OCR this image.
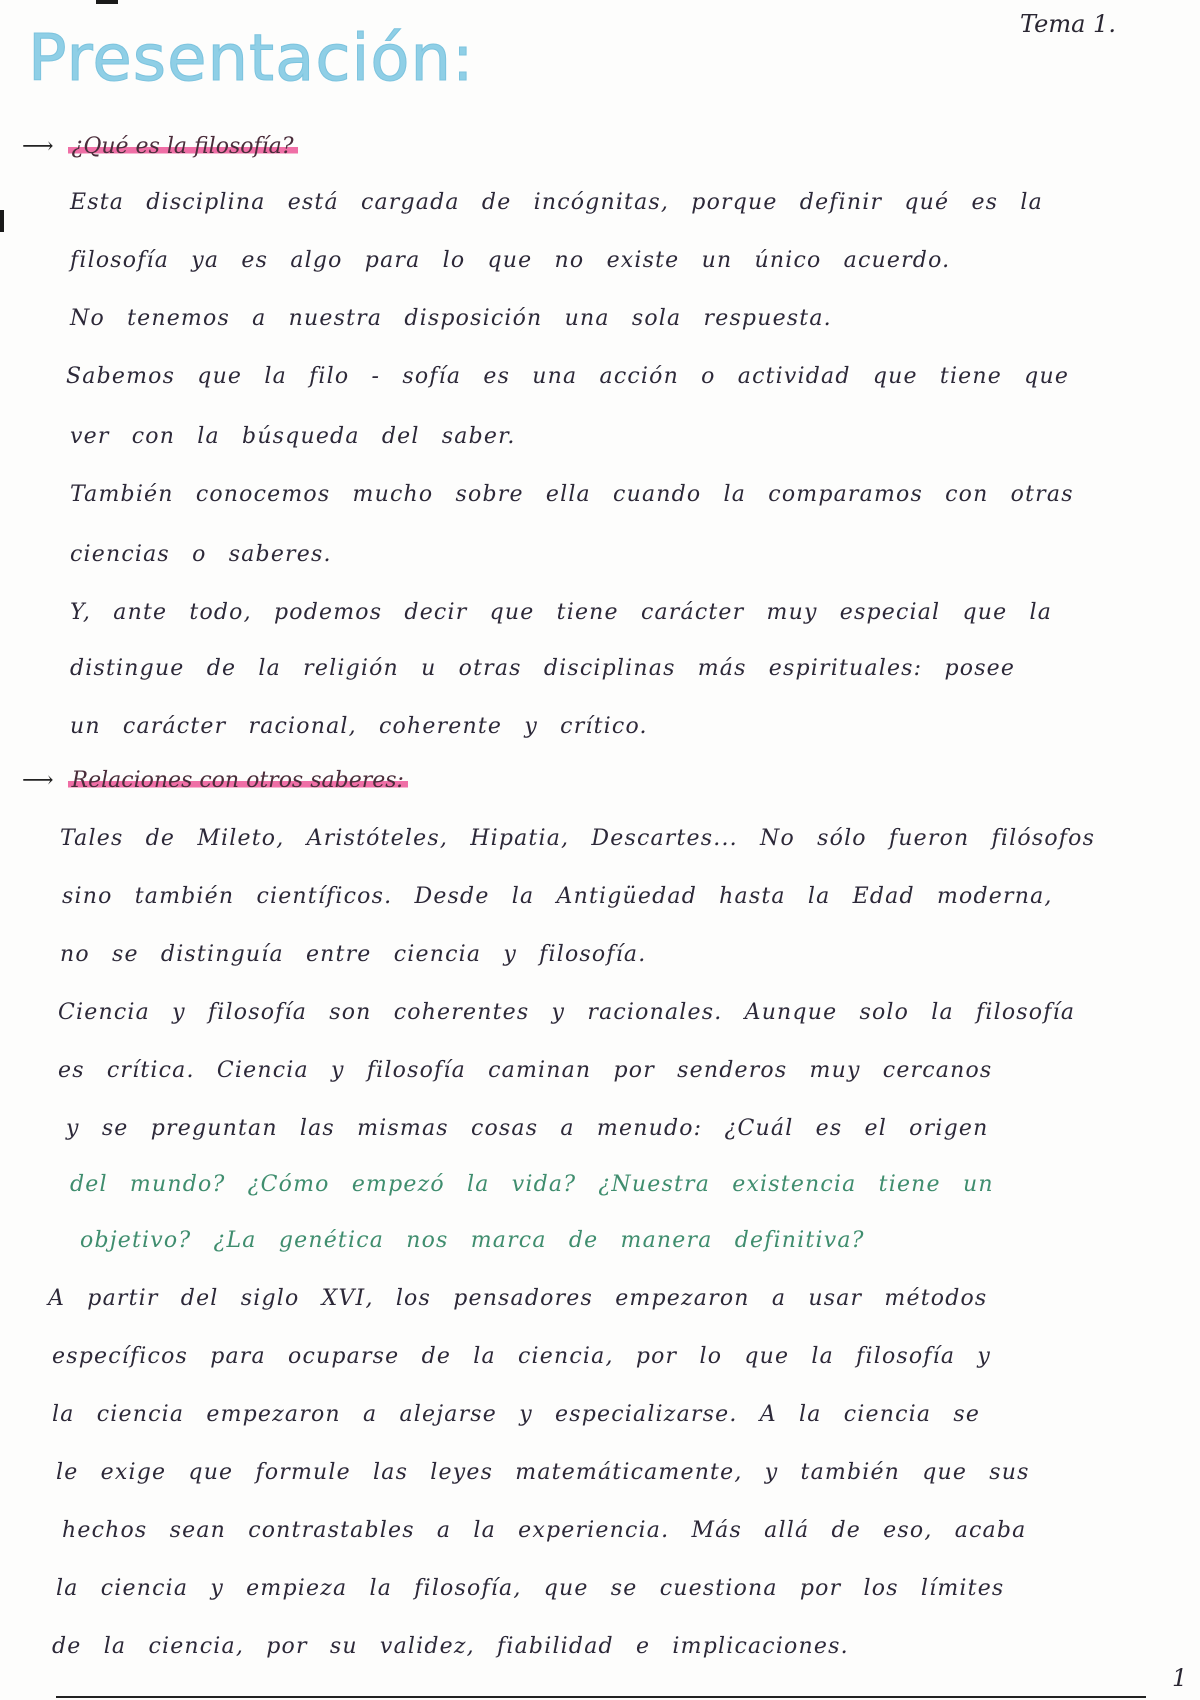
Tema 1.
Presentación:
⟶ ¿Qué es la filosofía?
⟶ Relaciones con otros saberes:
Esta disciplina está cargada de incógnitas, porque definir qué es la
filosofía ya es algo para lo que no existe un único acuerdo.
No tenemos a nuestra disposición una sola respuesta.
Sabemos que la filo - sofía es una acción o actividad que tiene que
ver con la búsqueda del saber.
También conocemos mucho sobre ella cuando la comparamos con otras
ciencias o saberes.
Y, ante todo, podemos decir que tiene carácter muy especial que la
distingue de la religión u otras disciplinas más espirituales: posee
un carácter racional, coherente y crítico.
Tales de Mileto, Aristóteles, Hipatia, Descartes... No sólo fueron filósofos
sino también científicos. Desde la Antigüedad hasta la Edad moderna,
no se distinguía entre ciencia y filosofía.
Ciencia y filosofía son coherentes y racionales. Aunque solo la filosofía
es crítica. Ciencia y filosofía caminan por senderos muy cercanos
y se preguntan las mismas cosas a menudo: ¿Cuál es el origen
del mundo? ¿Cómo empezó la vida? ¿Nuestra existencia tiene un
objetivo? ¿La genética nos marca de manera definitiva?
A partir del siglo XVI, los pensadores empezaron a usar métodos
específicos para ocuparse de la ciencia, por lo que la filosofía y
la ciencia empezaron a alejarse y especializarse. A la ciencia se
le exige que formule las leyes matemáticamente, y también que sus
hechos sean contrastables a la experiencia. Más allá de eso, acaba
la ciencia y empieza la filosofía, que se cuestiona por los límites
de la ciencia, por su validez, fiabilidad e implicaciones.
1
